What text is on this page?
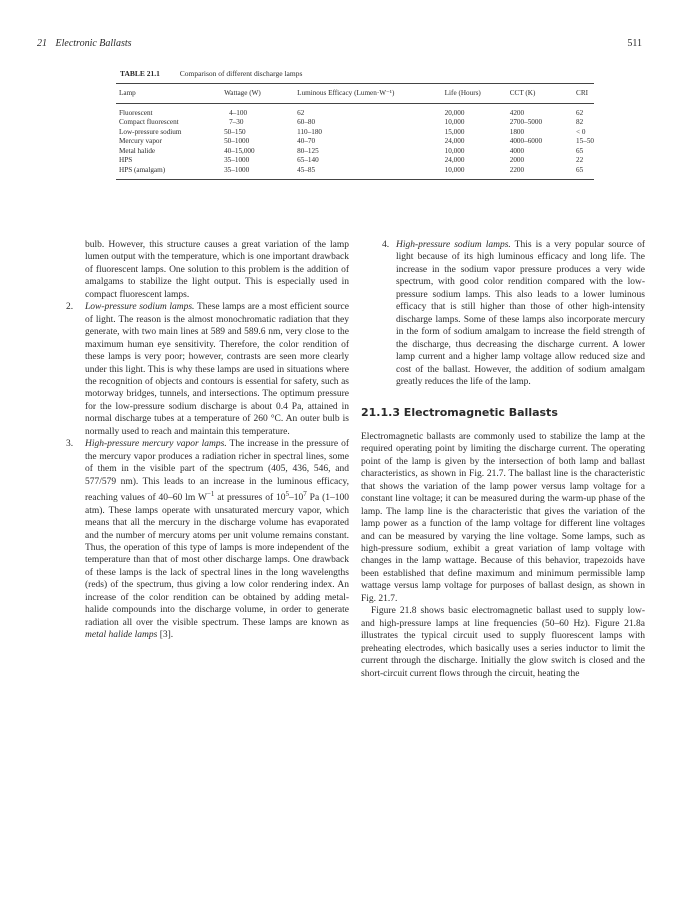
21 Electronic Ballasts	511
TABLE 21.1	Comparison of different discharge lamps
Lamp	Wattage (W)	Luminous Efficacy (Lumen·W⁻¹)	Life (Hours)	CCT (K)	CRI
Fluorescent	4–100	62	20,000	4200	62
Compact fluorescent	7–30	60–80	10,000	2700–5000	82
Low-pressure sodium	50–150	110–180	15,000	1800	< 0
Mercury vapor	50–1000	40–70	24,000	4000–6000	15–50
Metal halide	40–15,000	80–125	10,000	4000	65
HPS	35–1000	65–140	24,000	2000	22
HPS (amalgam)	35–1000	45–85	10,000	2200	65

bulb. However, this structure causes a great variation of the lamp lumen output with the temperature, which is one important drawback of fluorescent lamps. One solution to this problem is the addition of amalgams to stabilize the light output. This is especially used in compact fluorescent lamps.

2. Low-pressure sodium lamps. These lamps are a most efficient source of light. The reason is the almost monochromatic radiation that they generate, with two main lines at 589 and 589.6 nm, very close to the maximum human eye sensitivity. Therefore, the color rendition of these lamps is very poor; however, contrasts are seen more clearly under this light. This is why these lamps are used in situations where the recognition of objects and contours is essential for safety, such as motorway bridges, tunnels, and intersections. The optimum pressure for the low-pressure sodium discharge is about 0.4 Pa, attained in normal discharge tubes at a temperature of 260 °C. An outer bulb is normally used to reach and maintain this temperature.

3. High-pressure mercury vapor lamps. The increase in the pressure of the mercury vapor produces a radiation richer in spectral lines, some of them in the visible part of the spectrum (405, 436, 546, and 577/579 nm). This leads to an increase in the luminous efficacy, reaching values of 40–60 lm $W^{-1}$ at pressures of $10^5-10^7$ Pa (1–100 atm). These lamps operate with unsaturated mercury vapor, which means that all the mercury in the discharge volume has evaporated and the number of mercury atoms per unit volume remains constant. Thus, the operation of this type of lamps is more independent of the temperature than that of most other discharge lamps. One drawback of these lamps is the lack of spectral lines in the long wavelengths (reds) of the spectrum, thus giving a low color rendering index. An increase of the color rendition can be obtained by adding metal-halide compounds into the discharge volume, in order to generate radiation all over the visible spectrum. These lamps are known as metal halide lamps [3].

4. High-pressure sodium lamps. This is a very popular source of light because of its high luminous efficacy and long life. The increase in the sodium vapor pressure produces a very wide spectrum, with good color rendition compared with the low-pressure sodium lamps. This also leads to a lower luminous efficacy that is still higher than those of other high-intensity discharge lamps. Some of these lamps also incorporate mercury in the form of sodium amalgam to increase the field strength of the discharge, thus decreasing the discharge current. A lower lamp current and a higher lamp voltage allow reduced size and cost of the ballast. However, the addition of sodium amalgam greatly reduces the life of the lamp.

21.1.3 Electromagnetic Ballasts

Electromagnetic ballasts are commonly used to stabilize the lamp at the required operating point by limiting the discharge current. The operating point of the lamp is given by the intersection of both lamp and ballast characteristics, as shown in Fig. 21.7. The ballast line is the characteristic that shows the variation of the lamp power versus lamp voltage for a constant line voltage; it can be measured during the warm-up phase of the lamp. The lamp line is the characteristic that gives the variation of the lamp power as a function of the lamp voltage for different line voltages and can be measured by varying the line voltage. Some lamps, such as high-pressure sodium, exhibit a great variation of lamp voltage with changes in the lamp wattage. Because of this behavior, trapezoids have been established that define maximum and minimum permissible lamp wattage versus lamp voltage for purposes of ballast design, as shown in Fig. 21.7.

Figure 21.8 shows basic electromagnetic ballast used to supply low- and high-pressure lamps at line frequencies (50–60 Hz). Figure 21.8a illustrates the typical circuit used to supply fluorescent lamps with preheating electrodes, which basically uses a series inductor to limit the current through the discharge. Initially the glow switch is closed and the short-circuit current flows through the circuit, heating the
